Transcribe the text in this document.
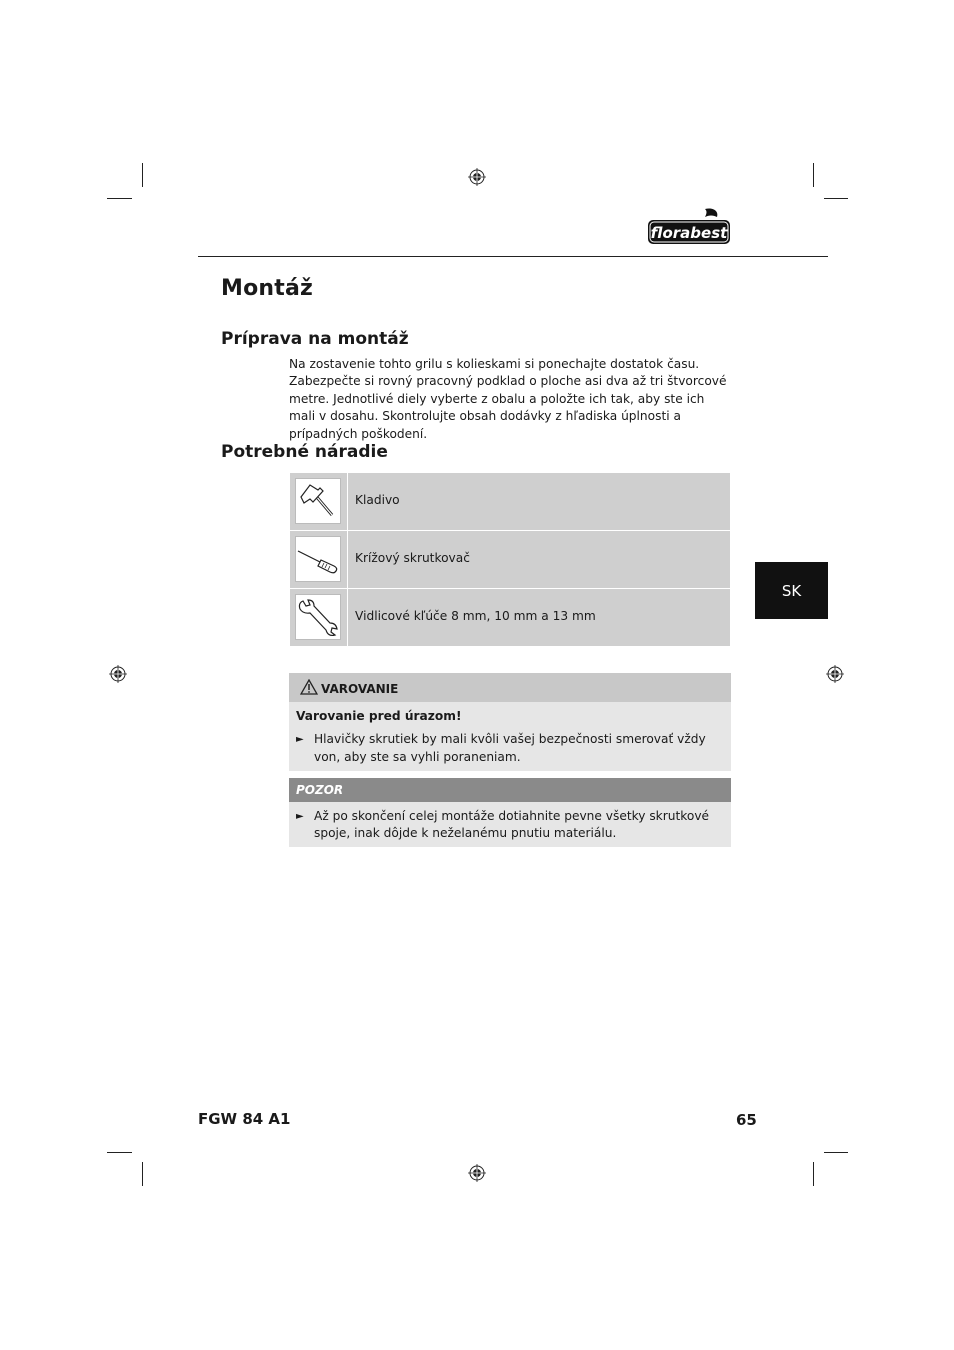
florabest
Montáž
Príprava na montáž

Na zostavenie tohto grilu s kolieskami si ponechajte dostatok času. Zabezpečte si rovný pracovný podklad o ploche asi dva až tri štvorcové metre. Jednotlivé diely vyberte z obalu a položte ich tak, aby ste ich mali v dosahu. Skontrolujte obsah dodávky z hľadiska úplnosti a prípadných poškodení.

Potrebné náradie
Kladivo
Krížový skrutkovač
Vidlicové kľúče 8 mm, 10 mm a 13 mm
SK
VAROVANIE
Varovanie pred úrazom!
► Hlavičky skrutiek by mali kvôli vašej bezpečnosti smerovať vždy von, aby ste sa vyhli poraneniam.
POZOR
► Až po skončení celej montáže dotiahnite pevne všetky skrutkové spoje, inak dôjde k neželanému pnutiu materiálu.
FGW 84 A1	65
